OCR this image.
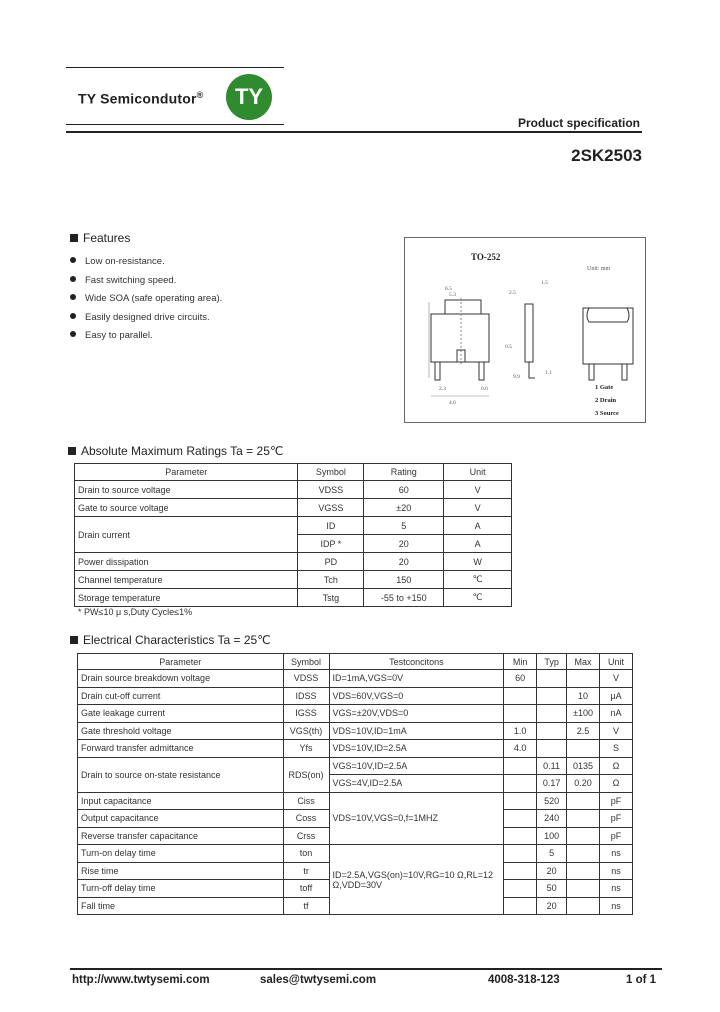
TY Semicondutor®	TY
Product specification
2SK2503
Features
Low on-resistance.
Fast switching speed.
Wide SOA (safe operating area).
Easily designed drive circuits.
Easy to parallel.
TO-252
Unit: mm
6.5
5.3
2.3	0.6
4.6
2.5
1.5
0.5
9.9
1.1
1 Gate
2 Drain
3 Source
Absolute Maximum Ratings Ta = 25℃
Parameter	Symbol	Rating	Unit
Drain to source voltage	VDSS	60	V
Gate to source voltage	VGSS	±20	V
Drain current	ID	5	A
	IDP *	20	A
Power dissipation	PD	20	W
Channel temperature	Tch	150	℃
Storage temperature	Tstg	-55 to +150	℃
* PW≤10 μ s,Duty Cycle≤1%
Electrical Characteristics Ta = 25℃
Parameter	Symbol	Testconcitons	Min	Typ	Max	Unit
Drain source breakdown voltage	VDSS	ID=1mA,VGS=0V	60			V
Drain cut-off current	IDSS	VDS=60V,VGS=0			10	μA
Gate leakage current	IGSS	VGS=±20V,VDS=0			±100	nA
Gate threshold voltage	VGS(th)	VDS=10V,ID=1mA	1.0		2.5	V
Forward transfer admittance	Yfs	VDS=10V,ID=2.5A	4.0			S
Drain to source on-state resistance	RDS(on)	VGS=10V,ID=2.5A		0.11	0135	Ω
		VGS=4V,ID=2.5A		0.17	0.20	Ω
Input capacitance	Ciss	VDS=10V,VGS=0,f=1MHZ		520		pF
Output capacitance	Coss			240		pF
Reverse transfer capacitance	Crss			100		pF
Turn-on delay time	ton	ID=2.5A,VGS(on)=10V,RG=10 Ω,RL=12 Ω,VDD=30V		5		ns
Rise time	tr			20		ns
Turn-off delay time	toff			50		ns
Fall time	tf			20		ns
http://www.twtysemi.com	sales@twtysemi.com	4008-318-123	1 of 1
